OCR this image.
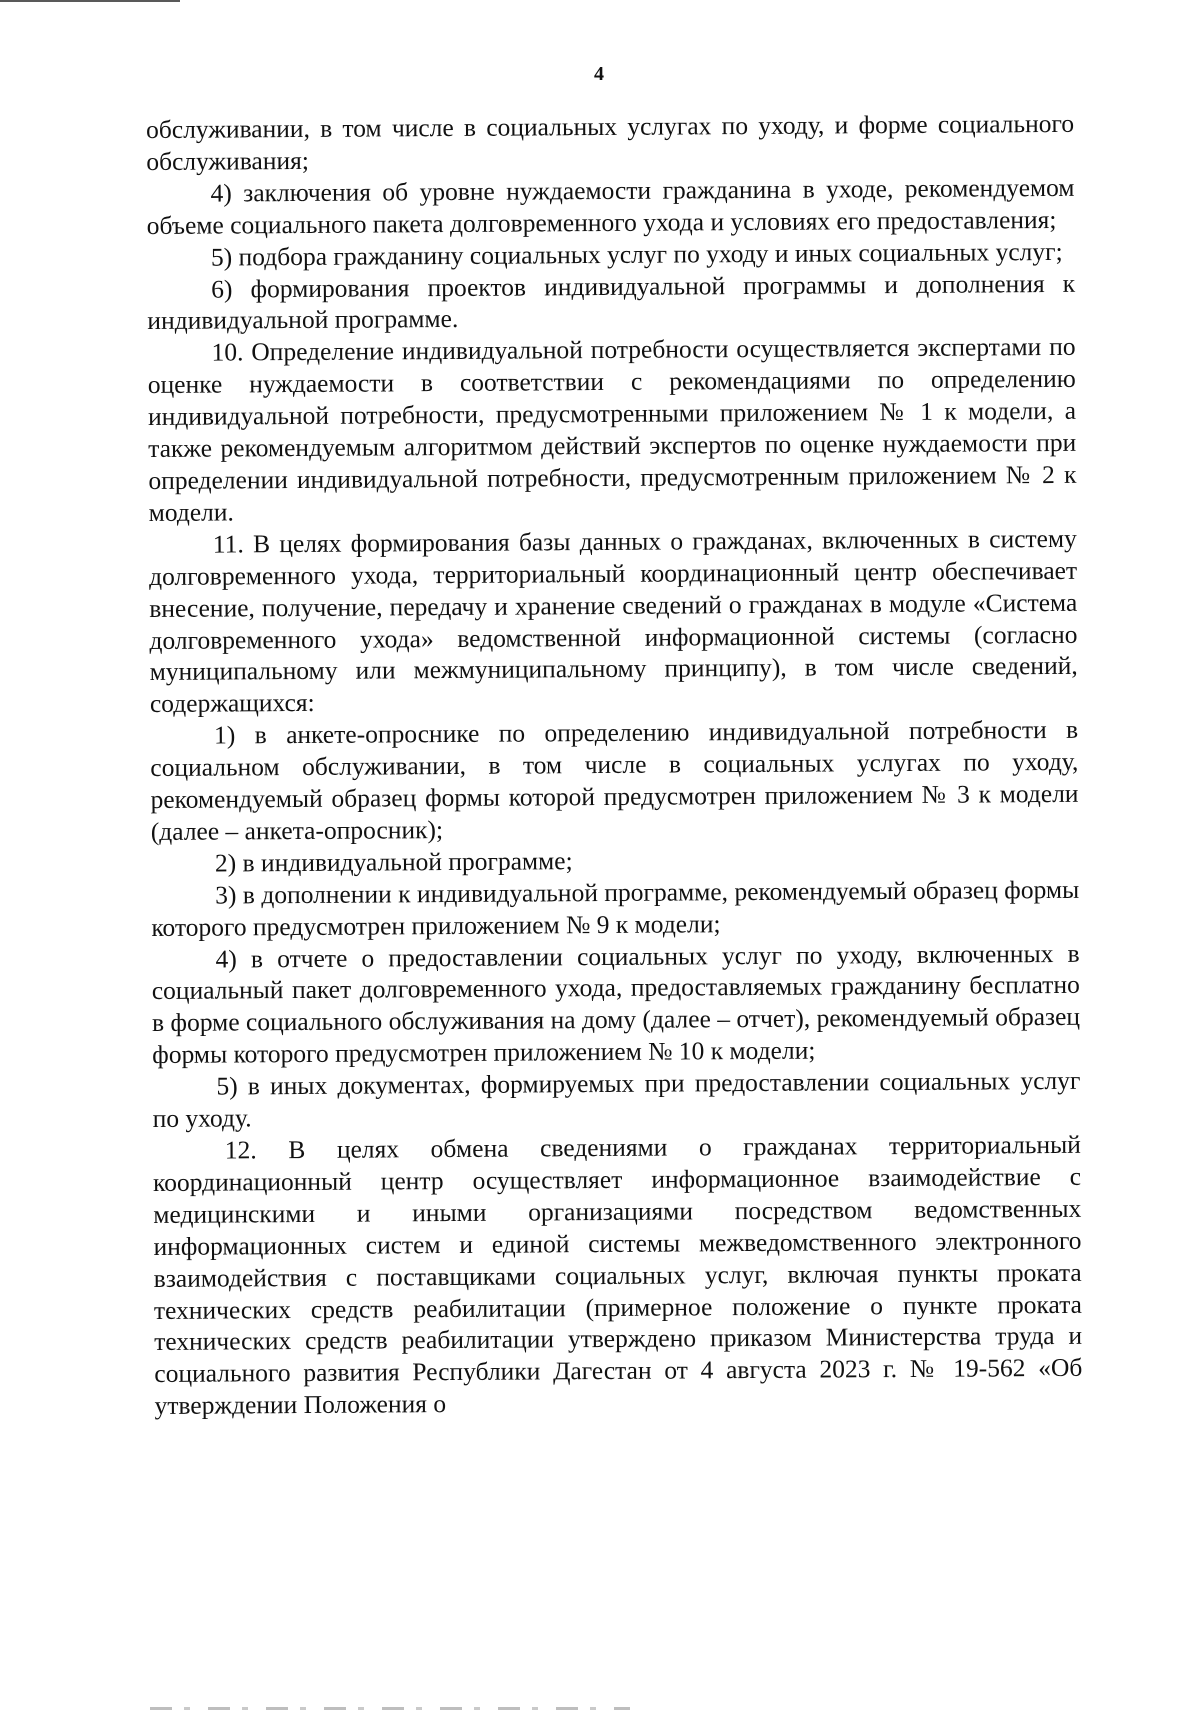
4

обслуживании, в том числе в социальных услугах по уходу, и форме социального обслуживания;

4) заключения об уровне нуждаемости гражданина в уходе, рекомендуемом объеме социального пакета долговременного ухода и условиях его предоставления;

5) подбора гражданину социальных услуг по уходу и иных социальных услуг;

6) формирования проектов индивидуальной программы и дополнения к индивидуальной программе.

10. Определение индивидуальной потребности осуществляется экспертами по оценке нуждаемости в соответствии с рекомендациями по определению индивидуальной потребности, предусмотренными приложением № 1 к модели, а также рекомендуемым алгоритмом действий экспертов по оценке нуждаемости при определении индивидуальной потребности, предусмотренным приложением № 2 к модели.

11. В целях формирования базы данных о гражданах, включенных в систему долговременного ухода, территориальный координационный центр обеспечивает внесение, получение, передачу и хранение сведений о гражданах в модуле «Система долговременного ухода» ведомственной информационной системы (согласно муниципальному или межмуниципальному принципу), в том числе сведений, содержащихся:

1) в анкете-опроснике по определению индивидуальной потребности в социальном обслуживании, в том числе в социальных услугах по уходу, рекомендуемый образец формы которой предусмотрен приложением № 3 к модели (далее – анкета-опросник);

2) в индивидуальной программе;

3) в дополнении к индивидуальной программе, рекомендуемый образец формы которого предусмотрен приложением № 9 к модели;

4) в отчете о предоставлении социальных услуг по уходу, включенных в социальный пакет долговременного ухода, предоставляемых гражданину бесплатно в форме социального обслуживания на дому (далее – отчет), рекомендуемый образец формы которого предусмотрен приложением № 10 к модели;

5) в иных документах, формируемых при предоставлении социальных услуг по уходу.

12. В целях обмена сведениями о гражданах территориальный координационный центр осуществляет информационное взаимодействие с медицинскими и иными организациями посредством ведомственных информационных систем и единой системы межведомственного электронного взаимодействия с поставщиками социальных услуг, включая пункты проката технических средств реабилитации (примерное положение о пункте проката технических средств реабилитации утверждено приказом Министерства труда и социального развития Республики Дагестан от 4 августа 2023 г. № 19-562 «Об утверждении Положения о
